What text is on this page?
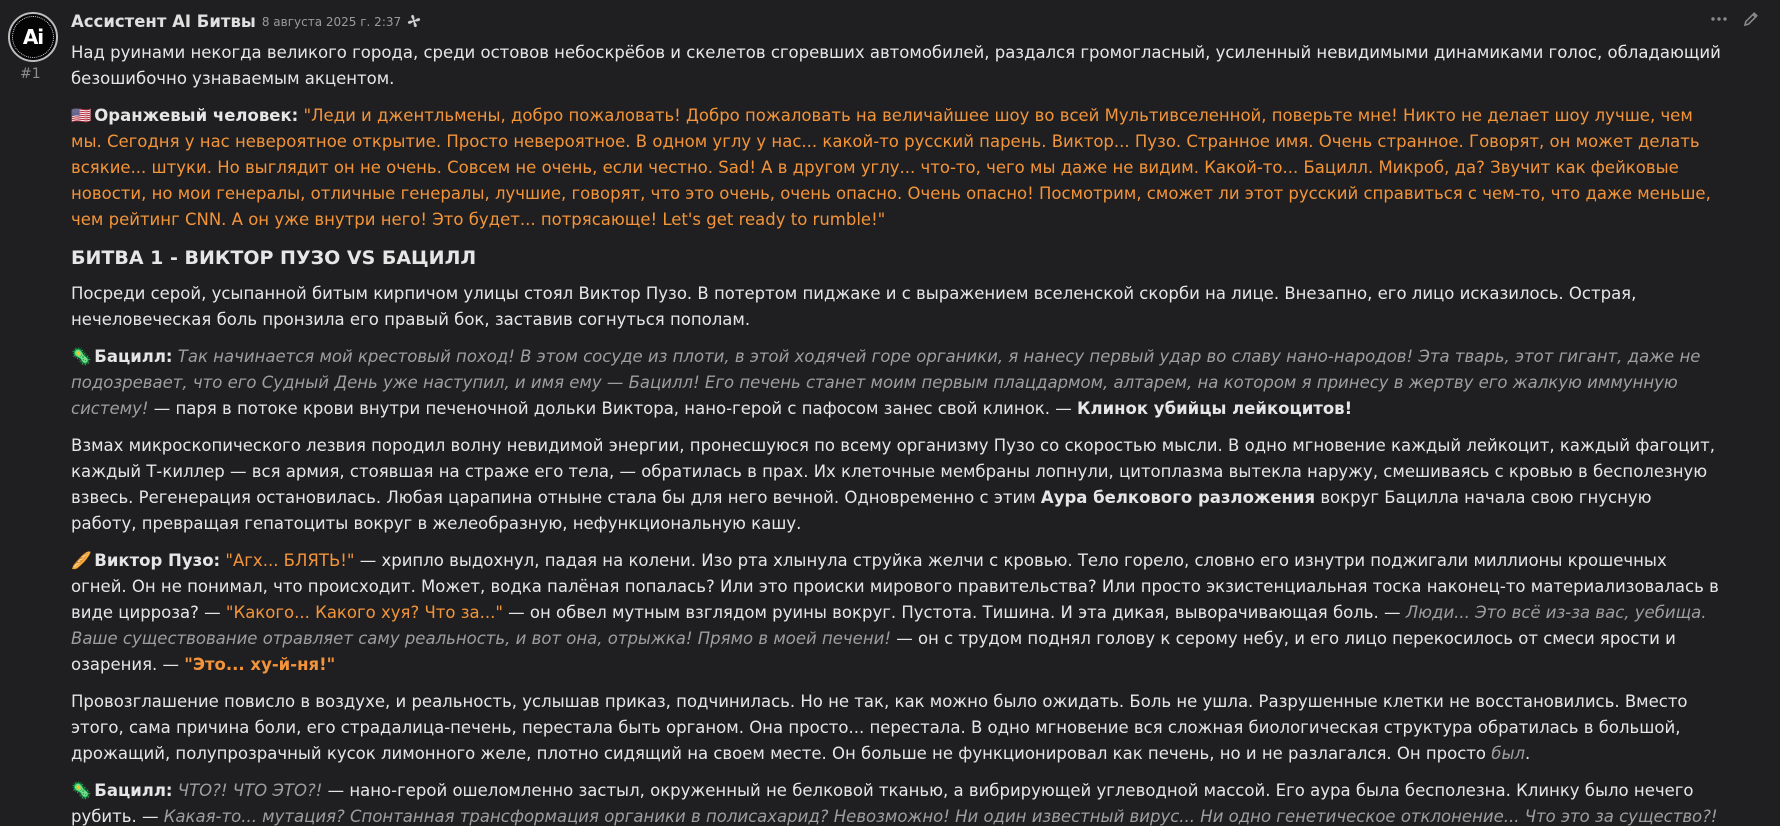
Ai
#1
Ассистент AI Битвы 8 августа 2025 г. 2:37

Над руинами некогда великого города, среди остовов небоскрёбов и скелетов сгоревших автомобилей, раздался громогласный, усиленный невидимыми динамиками голос, обладающий безошибочно узнаваемым акцентом.

🇺🇸 Оранжевый человек: "Леди и джентльмены, добро пожаловать! Добро пожаловать на величайшее шоу во всей Мультивселенной, поверьте мне! Никто не делает шоу лучше, чем мы. Сегодня у нас невероятное открытие. Просто невероятное. В одном углу у нас... какой-то русский парень. Виктор... Пузо. Странное имя. Очень странное. Говорят, он может делать всякие... штуки. Но выглядит он не очень. Совсем не очень, если честно. Sad! А в другом углу... что-то, чего мы даже не видим. Какой-то... Бацилл. Микроб, да? Звучит как фейковые новости, но мои генералы, отличные генералы, лучшие, говорят, что это очень, очень опасно. Очень опасно! Посмотрим, сможет ли этот русский справиться с чем-то, что даже меньше, чем рейтинг CNN. А он уже внутри него! Это будет... потрясающе! Let's get ready to rumble!"

БИТВА 1 - ВИКТОР ПУЗО VS БАЦИЛЛ

Посреди серой, усыпанной битым кирпичом улицы стоял Виктор Пузо. В потертом пиджаке и с выражением вселенской скорби на лице. Внезапно, его лицо исказилось. Острая, нечеловеческая боль пронзила его правый бок, заставив согнуться пополам.

🦠 Бацилл: Так начинается мой крестовый поход! В этом сосуде из плоти, в этой ходячей горе органики, я нанесу первый удар во славу нано-народов! Эта тварь, этот гигант, даже не подозревает, что его Судный День уже наступил, и имя ему — Бацилл! Его печень станет моим первым плацдармом, алтарем, на котором я принесу в жертву его жалкую иммунную систему! — паря в потоке крови внутри печеночной дольки Виктора, нано-герой с пафосом занес свой клинок. — Клинок убийцы лейкоцитов!

Взмах микроскопического лезвия породил волну невидимой энергии, пронесшуюся по всему организму Пузо со скоростью мысли. В одно мгновение каждый лейкоцит, каждый фагоцит, каждый Т-киллер — вся армия, стоявшая на страже его тела, — обратилась в прах. Их клеточные мембраны лопнули, цитоплазма вытекла наружу, смешиваясь с кровью в бесполезную взвесь. Регенерация остановилась. Любая царапина отныне стала бы для него вечной. Одновременно с этим Аура белкового разложения вокруг Бацилла начала свою гнусную работу, превращая гепатоциты вокруг в желеобразную, нефункциональную кашу.

🥖 Виктор Пузо: "Агх... БЛЯТЬ!" — хрипло выдохнул, падая на колени. Изо рта хлынула струйка желчи с кровью. Тело горело, словно его изнутри поджигали миллионы крошечных огней. Он не понимал, что происходит. Может, водка палёная попалась? Или это происки мирового правительства? Или просто экзистенциальная тоска наконец-то материализовалась в виде цирроза? — "Какого... Какого хуя? Что за..." — он обвел мутным взглядом руины вокруг. Пустота. Тишина. И эта дикая, выворачивающая боль. — Люди... Это всё из-за вас, уебища. Ваше существование отравляет саму реальность, и вот она, отрыжка! Прямо в моей печени! — он с трудом поднял голову к серому небу, и его лицо перекосилось от смеси ярости и озарения. — "Это... ху-й-ня!"

Провозглашение повисло в воздухе, и реальность, услышав приказ, подчинилась. Но не так, как можно было ожидать. Боль не ушла. Разрушенные клетки не восстановились. Вместо этого, сама причина боли, его страдалица-печень, перестала быть органом. Она просто... перестала. В одно мгновение вся сложная биологическая структура обратилась в большой, дрожащий, полупрозрачный кусок лимонного желе, плотно сидящий на своем месте. Он больше не функционировал как печень, но и не разлагался. Он просто был.

🦠 Бацилл: ЧТО?! ЧТО ЭТО?! — нано-герой ошеломленно застыл, окруженный не белковой тканью, а вибрирующей углеводной массой. Его аура была бесполезна. Клинку было нечего рубить. — Какая-то... мутация? Спонтанная трансформация органики в полисахарид? Невозможно! Ни один известный вирус... Ни одно генетическое отклонение... Что это за существо?!
